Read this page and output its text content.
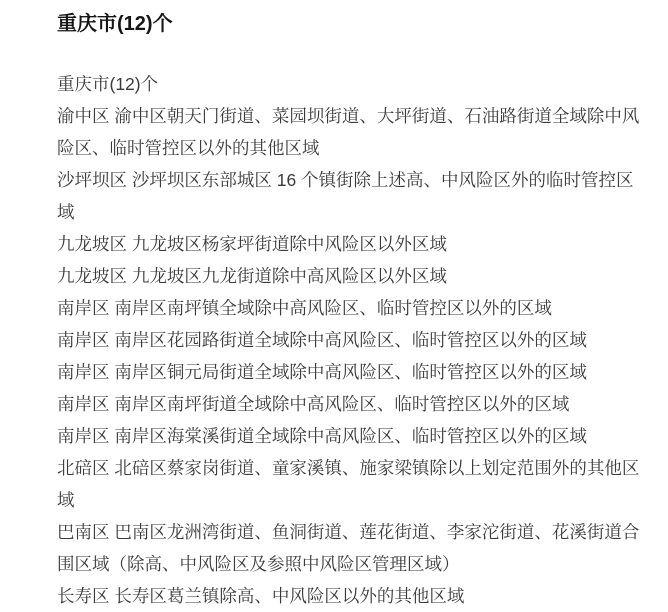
重庆市(12)个
重庆市(12)个
渝中区 渝中区朝天门街道、菜园坝街道、大坪街道、石油路街道全域除中风
险区、临时管控区以外的其他区域
沙坪坝区 沙坪坝区东部城区 16 个镇街除上述高、中风险区外的临时管控区
域
九龙坡区 九龙坡区杨家坪街道除中风险区以外区域
九龙坡区 九龙坡区九龙街道除中高风险区以外区域
南岸区 南岸区南坪镇全域除中高风险区、临时管控区以外的区域
南岸区 南岸区花园路街道全域除中高风险区、临时管控区以外的区域
南岸区 南岸区铜元局街道全域除中高风险区、临时管控区以外的区域
南岸区 南岸区南坪街道全域除中高风险区、临时管控区以外的区域
南岸区 南岸区海棠溪街道全域除中高风险区、临时管控区以外的区域
北碚区 北碚区蔡家岗街道、童家溪镇、施家梁镇除以上划定范围外的其他区
域
巴南区 巴南区龙洲湾街道、鱼洞街道、莲花街道、李家沱街道、花溪街道合
围区域（除高、中风险区及参照中风险区管理区域）
长寿区 长寿区葛兰镇除高、中风险区以外的其他区域
